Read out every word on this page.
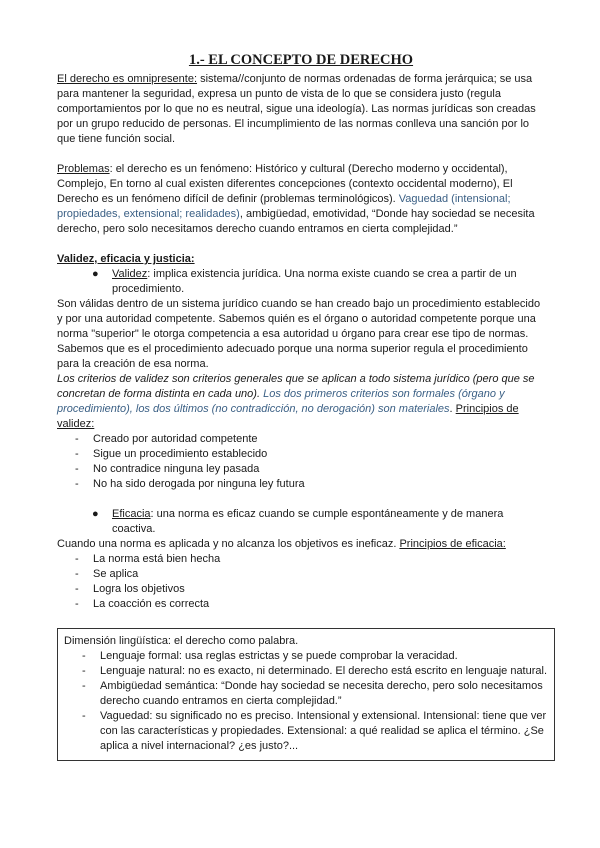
1.- EL CONCEPTO DE DERECHO

El derecho es omnipresente: sistema//conjunto de normas ordenadas de forma jerárquica; se usa para mantener la seguridad, expresa un punto de vista de lo que se considera justo (regula comportamientos por lo que no es neutral, sigue una ideología). Las normas jurídicas son creadas por un grupo reducido de personas. El incumplimiento de las normas conlleva una sanción por lo que tiene función social.

Problemas: el derecho es un fenómeno: Histórico y cultural (Derecho moderno y occidental), Complejo, En torno al cual existen diferentes concepciones (contexto occidental moderno), El Derecho es un fenómeno difícil de definir (problemas terminológicos). Vaguedad (intensional; propiedades, extensional; realidades), ambigüedad, emotividad, “Donde hay sociedad se necesita derecho, pero solo necesitamos derecho cuando entramos en cierta complejidad.”

Validez, eficacia y justicia:

● Validez: implica existencia jurídica. Una norma existe cuando se crea a partir de un procedimiento.

Son válidas dentro de un sistema jurídico cuando se han creado bajo un procedimiento establecido y por una autoridad competente. Sabemos quién es el órgano o autoridad competente porque una norma "superior" le otorga competencia a esa autoridad u órgano para crear ese tipo de normas. Sabemos que es el procedimiento adecuado porque una norma superior regula el procedimiento para la creación de esa norma.

Los criterios de validez son criterios generales que se aplican a todo sistema jurídico (pero que se concretan de forma distinta en cada uno). Los dos primeros criterios son formales (órgano y procedimiento), los dos últimos (no contradicción, no derogación) son materiales. Principios de validez:

- Creado por autoridad competente
- Sigue un procedimiento establecido
- No contradice ninguna ley pasada
- No ha sido derogada por ninguna ley futura
● Eficacia: una norma es eficaz cuando se cumple espontáneamente y de manera coactiva.

Cuando una norma es aplicada y no alcanza los objetivos es ineficaz. Principios de eficacia:

- La norma está bien hecha
- Se aplica
- Logra los objetivos
- La coacción es correcta

Dimensión lingüística: el derecho como palabra.

- Lenguaje formal: usa reglas estrictas y se puede comprobar la veracidad.
- Lenguaje natural: no es exacto, ni determinado. El derecho está escrito en lenguaje natural.
- Ambigüedad semántica: “Donde hay sociedad se necesita derecho, pero solo necesitamos derecho cuando entramos en cierta complejidad.”
- Vaguedad: su significado no es preciso. Intensional y extensional. Intensional: tiene que ver con las características y propiedades. Extensional: a qué realidad se aplica el término. ¿Se aplica a nivel internacional? ¿es justo?...
